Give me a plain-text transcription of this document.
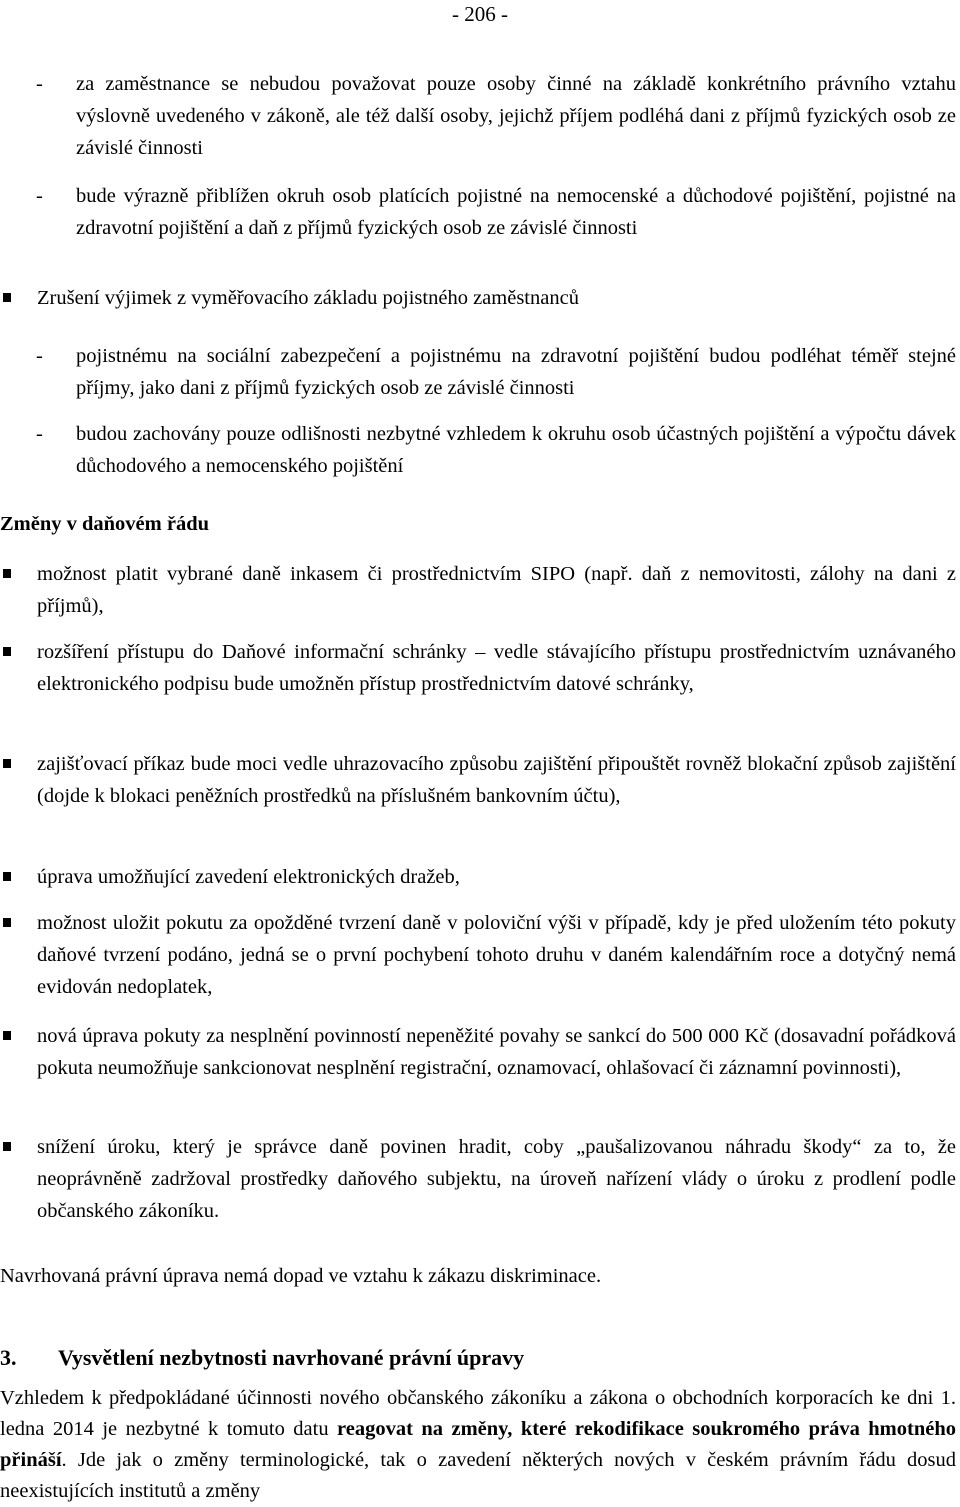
- 206 -
- za zaměstnance se nebudou považovat pouze osoby činné na základě konkrétního právního vztahu výslovně uvedeného v zákoně, ale též další osoby, jejichž příjem podléhá dani z příjmů fyzických osob ze závislé činnosti
- bude výrazně přiblížen okruh osob platících pojistné na nemocenské a důchodové pojištění, pojistné na zdravotní pojištění a daň z příjmů fyzických osob ze závislé činnosti
Zrušení výjimek z vyměřovacího základu pojistného zaměstnanců
- pojistnému na sociální zabezpečení a pojistnému na zdravotní pojištění budou podléhat téměř stejné příjmy, jako dani z příjmů fyzických osob ze závislé činnosti
- budou zachovány pouze odlišnosti nezbytné vzhledem k okruhu osob účastných pojištění a výpočtu dávek důchodového a nemocenského pojištění
Změny v daňovém řádu
možnost platit vybrané daně inkasem či prostřednictvím SIPO (např. daň z nemovitosti, zálohy na dani z příjmů),
rozšíření přístupu do Daňové informační schránky – vedle stávajícího přístupu prostřednictvím uznávaného elektronického podpisu bude umožněn přístup prostřednictvím datové schránky,
zajišťovací příkaz bude moci vedle uhrazovacího způsobu zajištění připouštět rovněž blokační způsob zajištění (dojde k blokaci peněžních prostředků na příslušném bankovním účtu),
úprava umožňující zavedení elektronických dražeb,
možnost uložit pokutu za opožděné tvrzení daně v poloviční výši v případě, kdy je před uložením této pokuty daňové tvrzení podáno, jedná se o první pochybení tohoto druhu v daném kalendářním roce a dotyčný nemá evidován nedoplatek,
nová úprava pokuty za nesplnění povinností nepeněžité povahy se sankcí do 500 000 Kč (dosavadní pořádková pokuta neumožňuje sankcionovat nesplnění registrační, oznamovací, ohlašovací či záznamní povinnosti),
snížení úroku, který je správce daně povinen hradit, coby „paušalizovanou náhradu škody“ za to, že neoprávněně zadržoval prostředky daňového subjektu, na úroveň nařízení vlády o úroku z prodlení podle občanského zákoníku.
Navrhovaná právní úprava nemá dopad ve vztahu k zákazu diskriminace.
3. Vysvětlení nezbytnosti navrhované právní úpravy
Vzhledem k předpokládané účinnosti nového občanského zákoníku a zákona o obchodních korporacích ke dni 1. ledna 2014 je nezbytné k tomuto datu reagovat na změny, které rekodifikace soukromého práva hmotného přináší. Jde jak o změny terminologické, tak o zavedení některých nových v českém právním řádu dosud neexistujících institutů a změny
